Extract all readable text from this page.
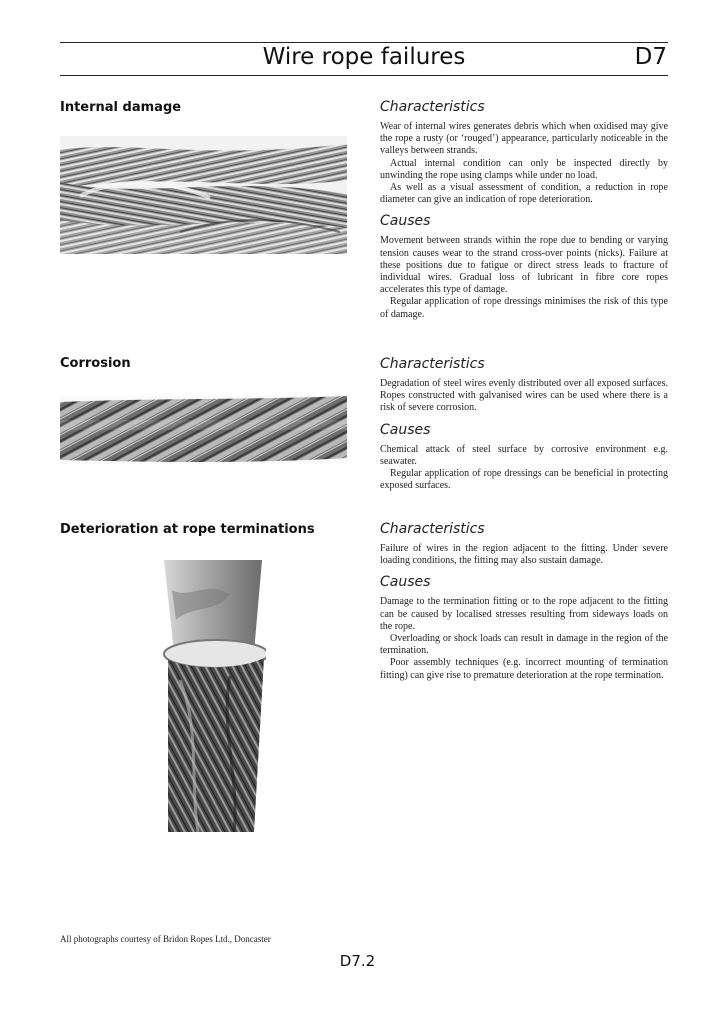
Wire rope failures	D7
Internal damage	Characteristics

Wear of internal wires generates debris which when oxidised may give the rope a rusty (or ‘rouged’) appearance, particularly noticeable in the valleys between strands.

Actual internal condition can only be inspected directly by unwinding the rope using clamps while under no load.

As well as a visual assessment of condition, a reduction in rope diameter can give an indication of rope deterioration.

Causes

Movement between strands within the rope due to bending or varying tension causes wear to the strand cross-over points (nicks). Failure at these positions due to fatigue or direct stress leads to fracture of individual wires. Gradual loss of lubricant in fibre core ropes accelerates this type of damage.

Regular application of rope dressings minimises the risk of this type of damage.

Corrosion	Characteristics

Degradation of steel wires evenly distributed over all exposed surfaces. Ropes constructed with galvanised wires can be used where there is a risk of severe corrosion.

Causes

Chemical attack of steel surface by corrosive environment e.g. seawater.

Regular application of rope dressings can be beneficial in protecting exposed surfaces.

Deterioration at rope terminations	Characteristics

Failure of wires in the region adjacent to the fitting. Under severe loading conditions, the fitting may also sustain damage.

Causes

Damage to the termination fitting or to the rope adjacent to the fitting can be caused by localised stresses resulting from sideways loads on the rope.

Overloading or shock loads can result in damage in the region of the termination.

Poor assembly techniques (e.g. incorrect mounting of termination fitting) can give rise to premature deterioration at the rope termination.

All photographs courtesy of Bridon Ropes Ltd., Doncaster
D7.2
